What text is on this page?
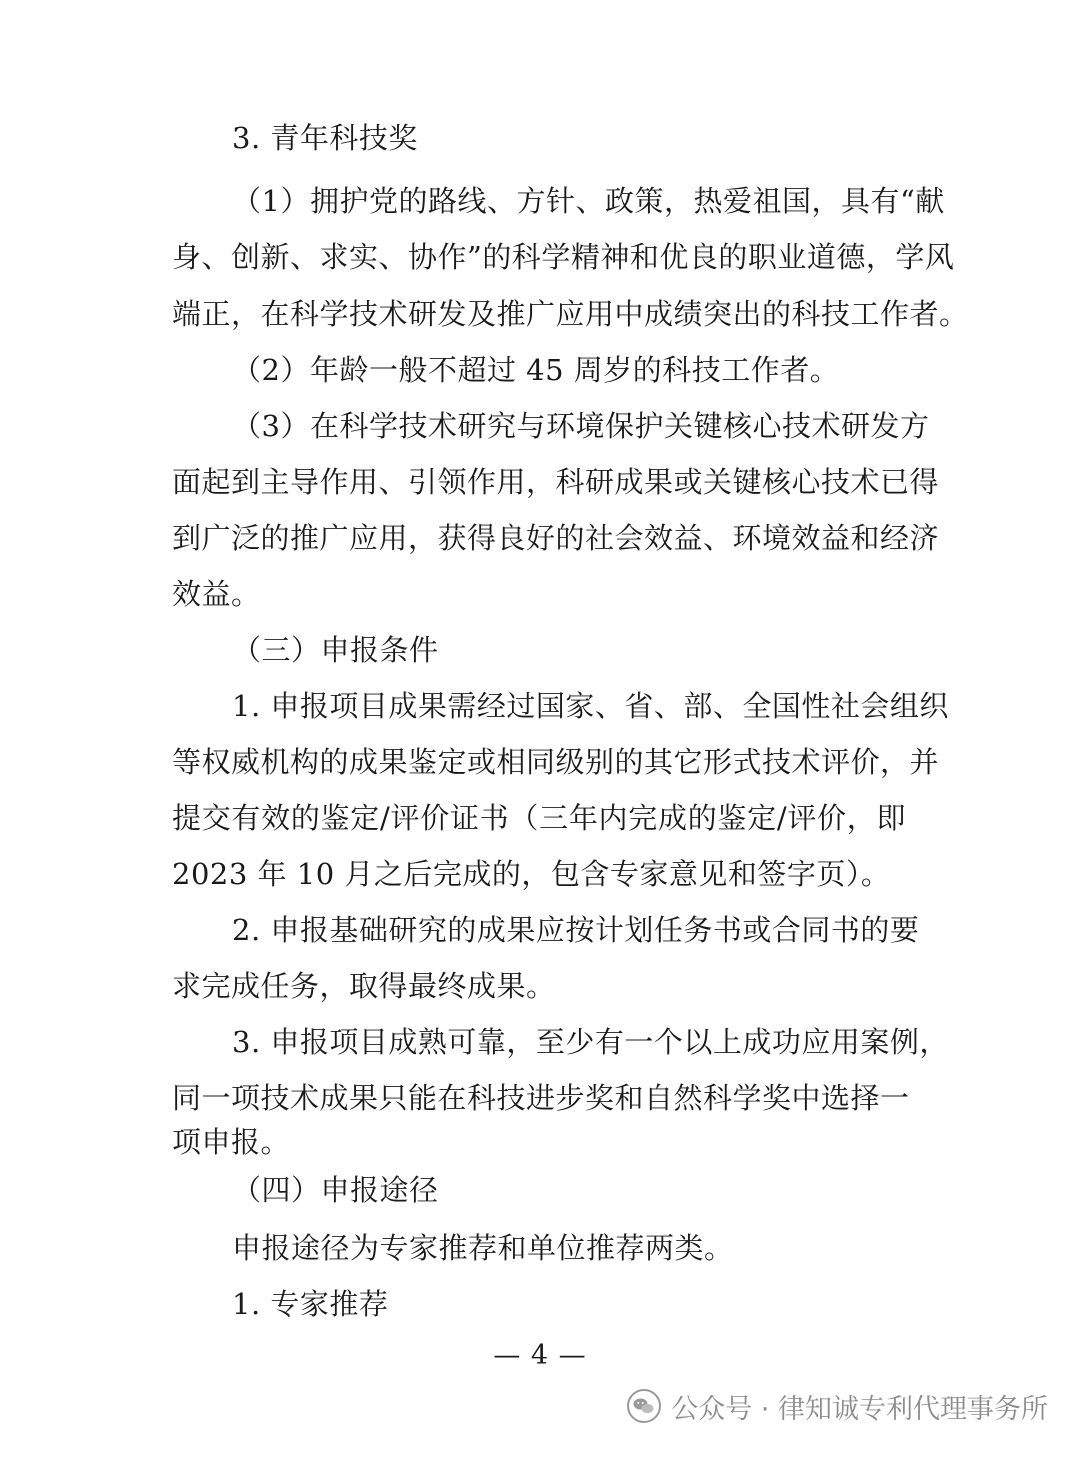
3. 青年科技奖
（1）拥护党的路线、方针、政策，热爱祖国，具有“献
身、创新、求实、协作”的科学精神和优良的职业道德，学风
端正，在科学技术研发及推广应用中成绩突出的科技工作者。
（2）年龄一般不超过 45 周岁的科技工作者。
（3）在科学技术研究与环境保护关键核心技术研发方
面起到主导作用、引领作用，科研成果或关键核心技术已得
到广泛的推广应用，获得良好的社会效益、环境效益和经济
效益。
（三）申报条件
1. 申报项目成果需经过国家、省、部、全国性社会组织
等权威机构的成果鉴定或相同级别的其它形式技术评价，并
提交有效的鉴定/评价证书（三年内完成的鉴定/评价，即
2023 年 10 月之后完成的，包含专家意见和签字页）。
2. 申报基础研究的成果应按计划任务书或合同书的要
求完成任务，取得最终成果。
3. 申报项目成熟可靠，至少有一个以上成功应用案例，
同一项技术成果只能在科技进步奖和自然科学奖中选择一
项申报。
（四）申报途径
申报途径为专家推荐和单位推荐两类。
1. 专家推荐
— 4 —
公众号 · 律知诚专利代理事务所
